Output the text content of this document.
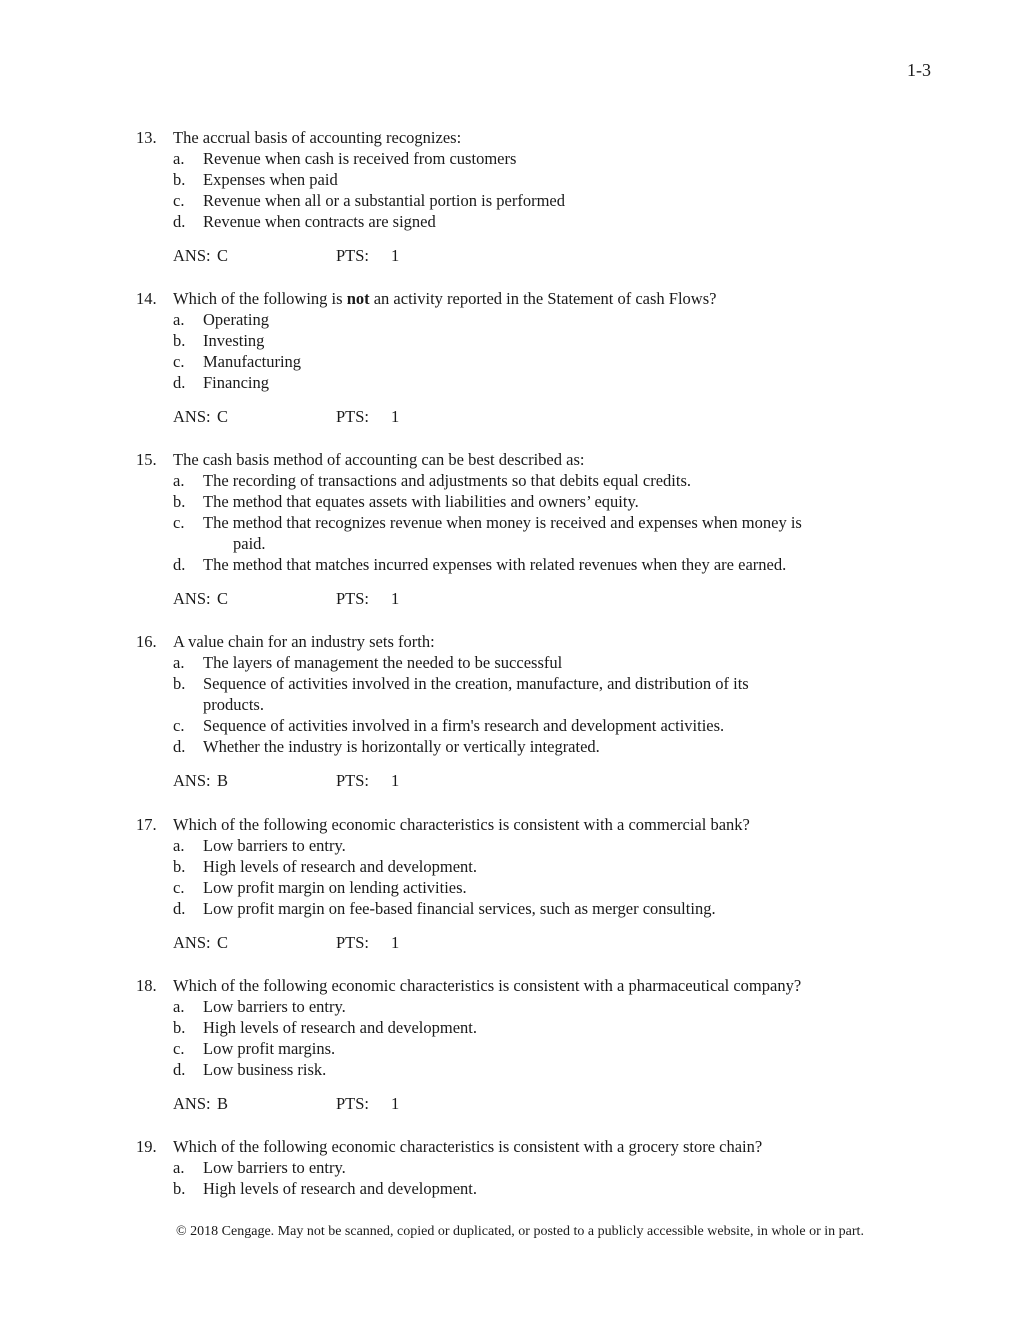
1-3
13. The accrual basis of accounting recognizes:
a.	Revenue when cash is received from customers
b.	Expenses when paid
c.	Revenue when all or a substantial portion is performed
d.	Revenue when contracts are signed
ANS: C	PTS:	1
14. Which of the following is not an activity reported in the Statement of cash Flows?
a.	Operating
b.	Investing
c.	Manufacturing
d.	Financing
ANS: C	PTS:	1
15. The cash basis method of accounting can be best described as:
a.	The recording of transactions and adjustments so that debits equal credits.
b.	The method that equates assets with liabilities and owners’ equity.
c.	The method that recognizes revenue when money is received and expenses when money is
paid.
d.	The method that matches incurred expenses with related revenues when they are earned.
ANS: C	PTS:	1
16. A value chain for an industry sets forth:
a.	The layers of management the needed to be successful
b.	Sequence of activities involved in the creation, manufacture, and distribution of its
products.
c.	Sequence of activities involved in a firm's research and development activities.
d.	Whether the industry is horizontally or vertically integrated.
ANS: B	PTS:	1
17. Which of the following economic characteristics is consistent with a commercial bank?
a.	Low barriers to entry.
b.	High levels of research and development.
c.	Low profit margin on lending activities.
d.	Low profit margin on fee-based financial services, such as merger consulting.
ANS: C	PTS:	1
18. Which of the following economic characteristics is consistent with a pharmaceutical company?
a.	Low barriers to entry.
b.	High levels of research and development.
c.	Low profit margins.
d.	Low business risk.
ANS: B	PTS:	1
19. Which of the following economic characteristics is consistent with a grocery store chain?
a.	Low barriers to entry.
b.	High levels of research and development.
© 2018 Cengage. May not be scanned, copied or duplicated, or posted to a publicly accessible website, in whole or in part.
